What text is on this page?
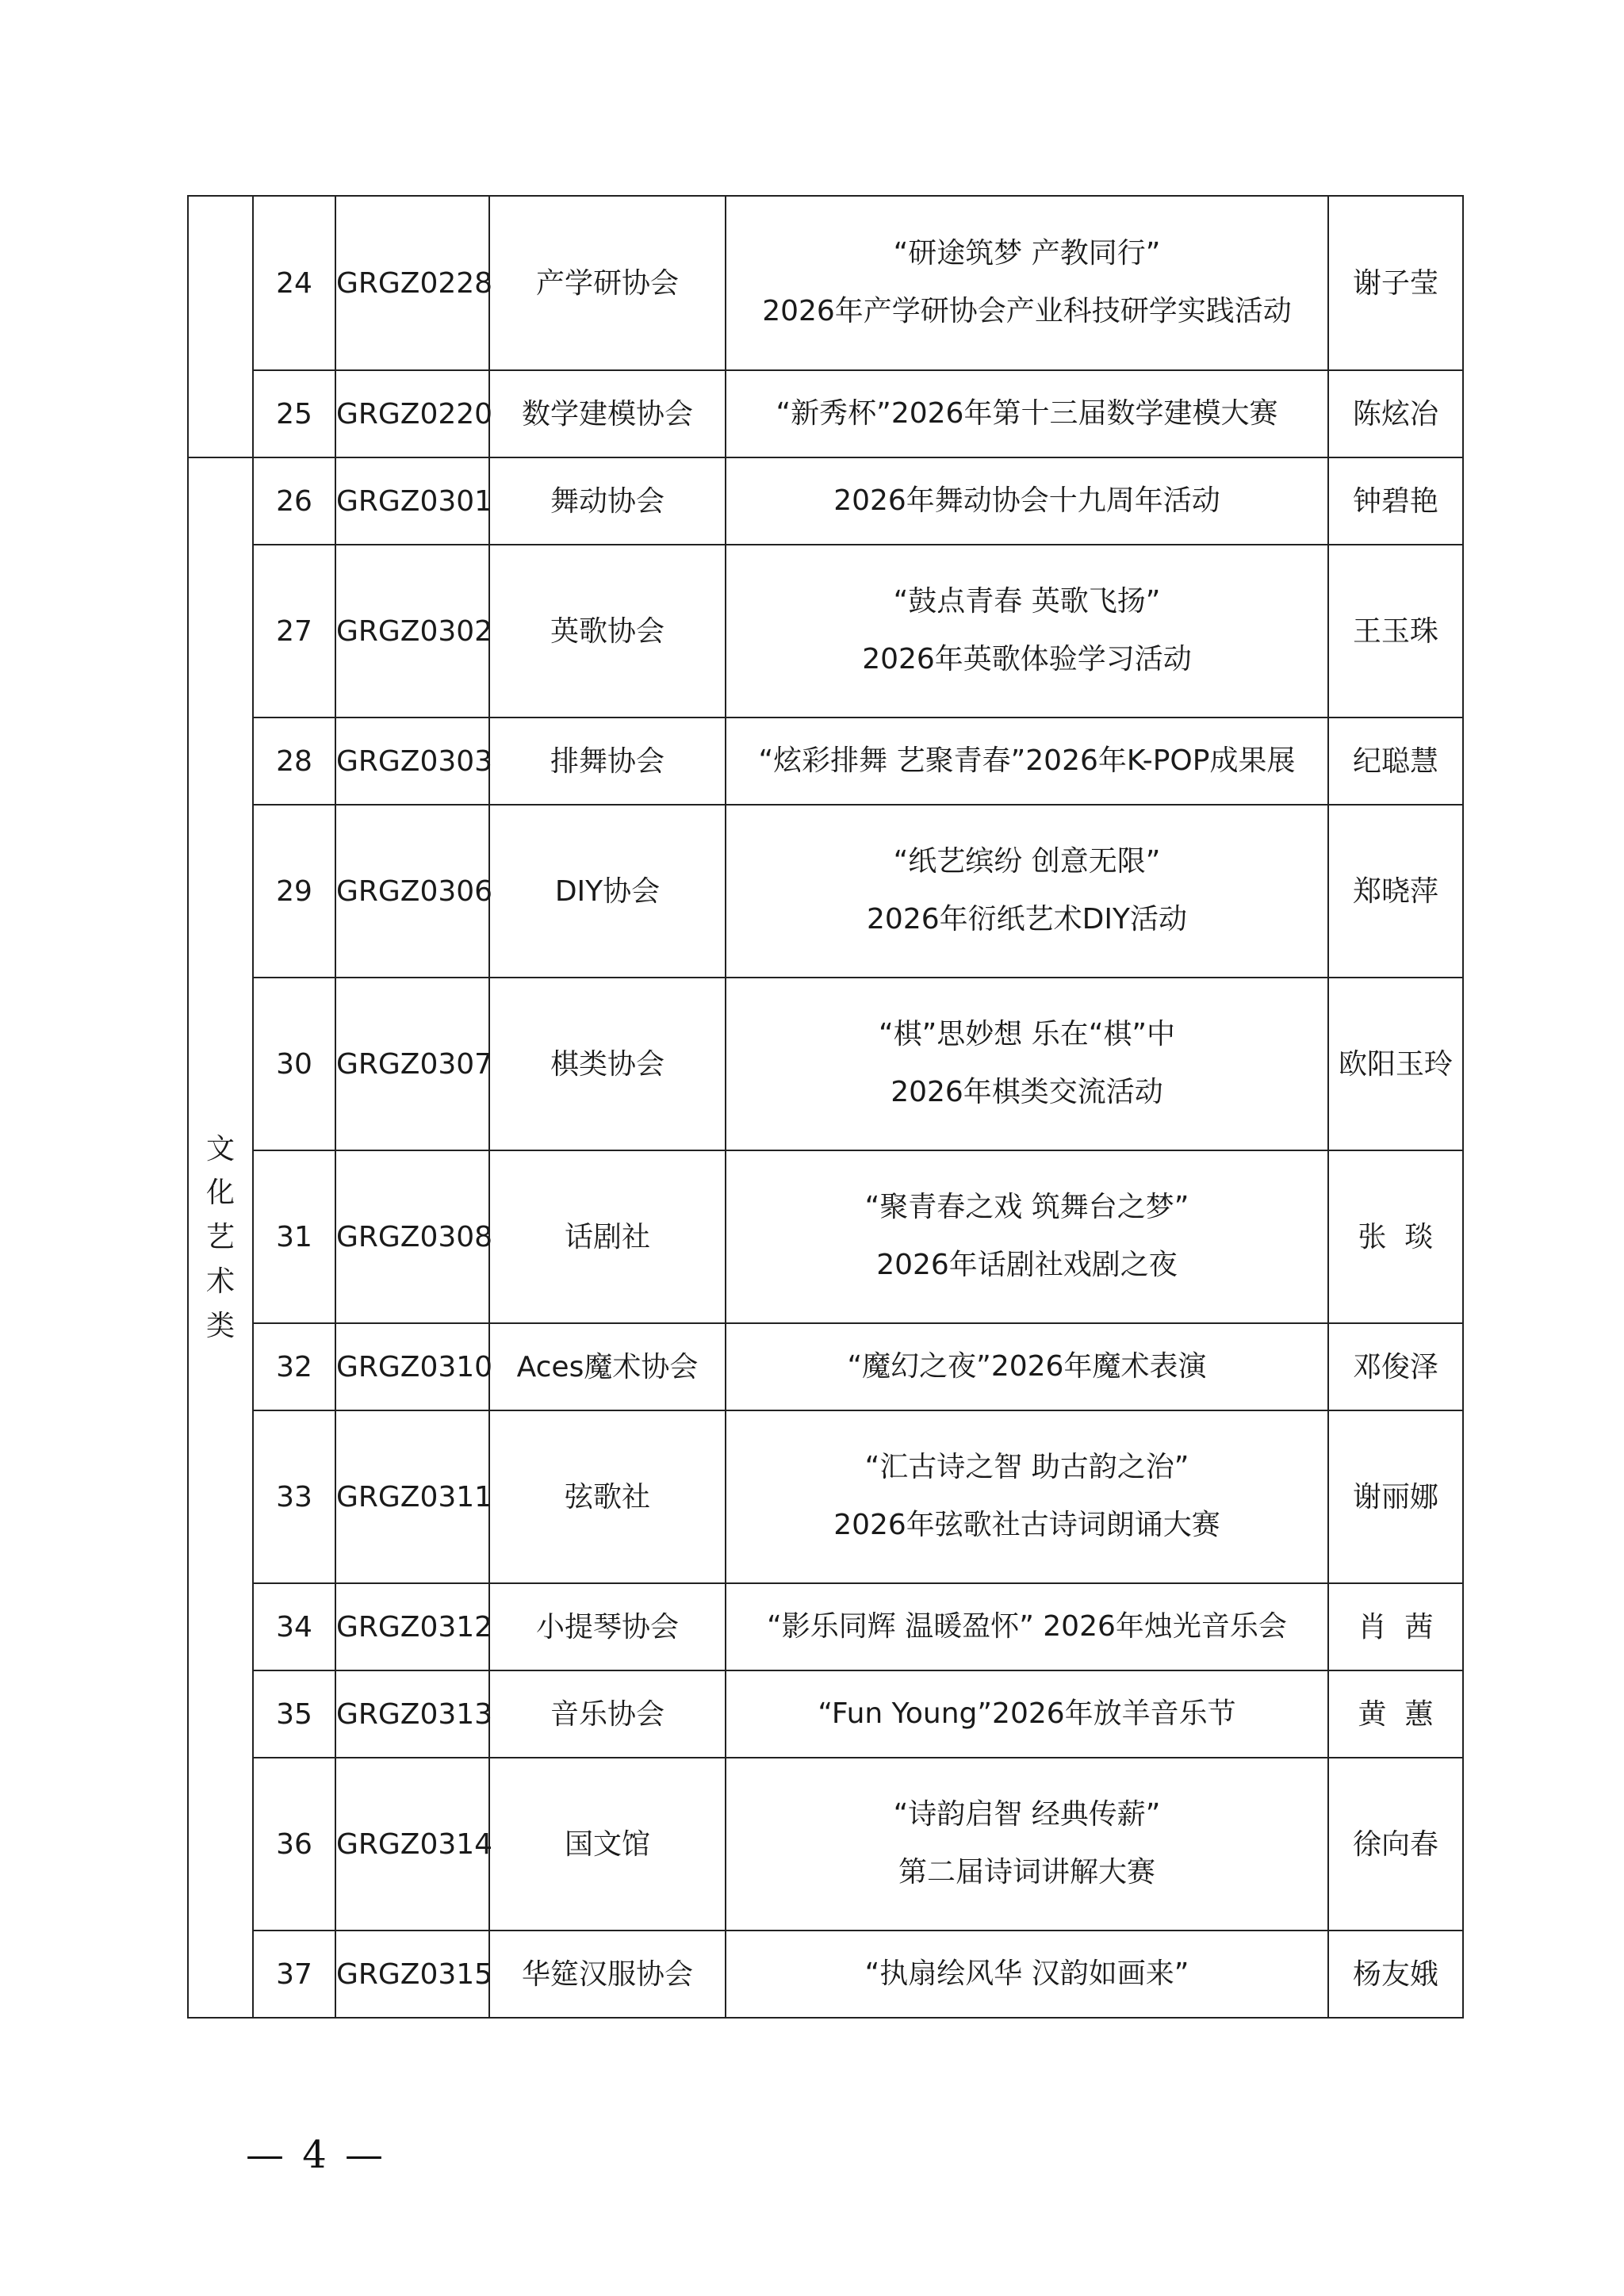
	24	GRGZ0228	产学研协会	“研途筑梦 产教同行”
2026年产学研协会产业科技研学实践活动	谢子莹
	25	GRGZ0220	数学建模协会	“新秀杯”2026年第十三届数学建模大赛	陈炫冶
文化艺术类	26	GRGZ0301	舞动协会	2026年舞动协会十九周年活动	钟碧艳
	27	GRGZ0302	英歌协会	“鼓点青春 英歌飞扬”
2026年英歌体验学习活动	王玉珠
	28	GRGZ0303	排舞协会	“炫彩排舞 艺聚青春”2026年K-POP成果展	纪聪慧
	29	GRGZ0306	DIY协会	“纸艺缤纷 创意无限”
2026年衍纸艺术DIY活动	郑晓萍
	30	GRGZ0307	棋类协会	“棋”思妙想 乐在“棋”中
2026年棋类交流活动	欧阳玉玲
	31	GRGZ0308	话剧社	“聚青春之戏 筑舞台之梦”
2026年话剧社戏剧之夜	张  琰
	32	GRGZ0310	Aces魔术协会	“魔幻之夜”2026年魔术表演	邓俊泽
	33	GRGZ0311	弦歌社	“汇古诗之智 助古韵之治”
2026年弦歌社古诗词朗诵大赛	谢丽娜
	34	GRGZ0312	小提琴协会	“影乐同辉 温暖盈怀” 2026年烛光音乐会	肖  茜
	35	GRGZ0313	音乐协会	“Fun Young”2026年放羊音乐节	黄  蕙
	36	GRGZ0314	国文馆	“诗韵启智 经典传薪”
第二届诗词讲解大赛	徐向春
	37	GRGZ0315	华筵汉服协会	“执扇绘风华 汉韵如画来”	杨友娥
— 4 —
